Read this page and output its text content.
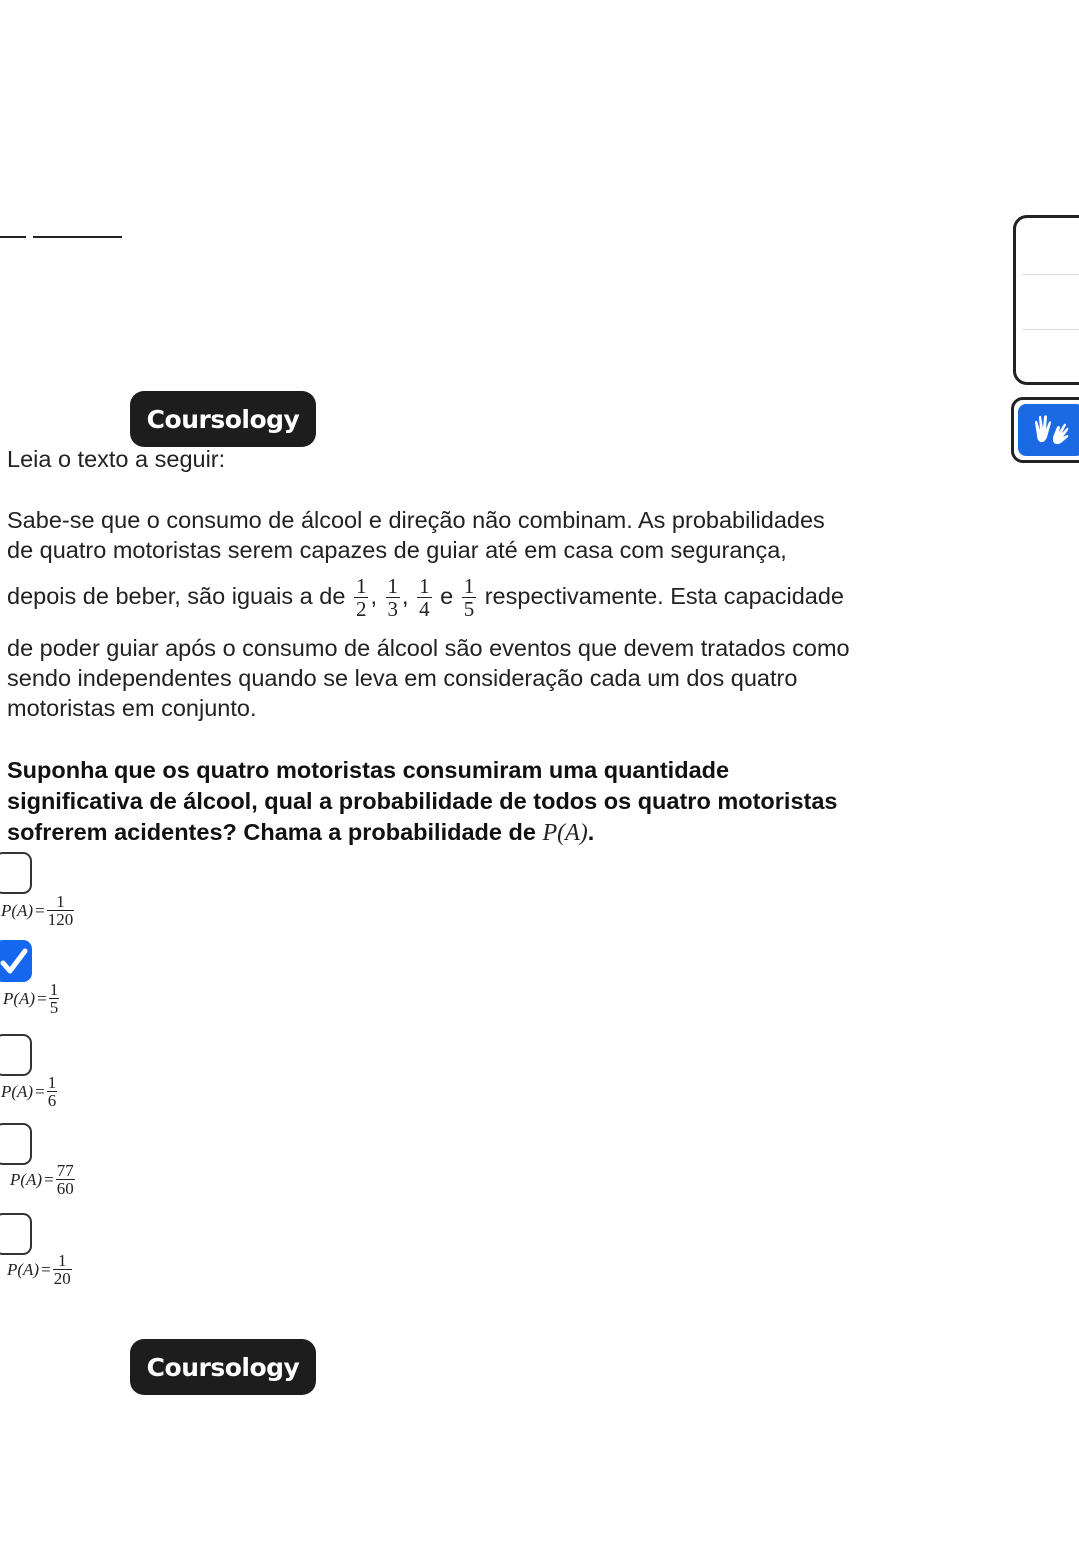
Coursology
Leia o texto a seguir:
Sabe-se que o consumo de álcool e direção não combinam. As probabilidades
de quatro motoristas serem capazes de guiar até em casa com segurança,
depois de beber, são iguais a de $\frac{1}{2}$ , $\frac{1}{3}$ , $\frac{1}{4}$ e $\frac{1}{5}$ respectivamente. Esta capacidade
de poder guiar após o consumo de álcool são eventos que devem tratados como
sendo independentes quando se leva em consideração cada um dos quatro
motoristas em conjunto.
Suponha que os quatro motoristas consumiram uma quantidade
significativa de álcool, qual a probabilidade de todos os quatro motoristas
sofrerem acidentes? Chama a probabilidade de P(A).
$P(A) = \frac{1}{120}$
$P(A) = \frac{1}{5}$
$P(A) = \frac{1}{6}$
$P(A) = \frac{77}{60}$
$P(A) = \frac{1}{20}$
Coursology
